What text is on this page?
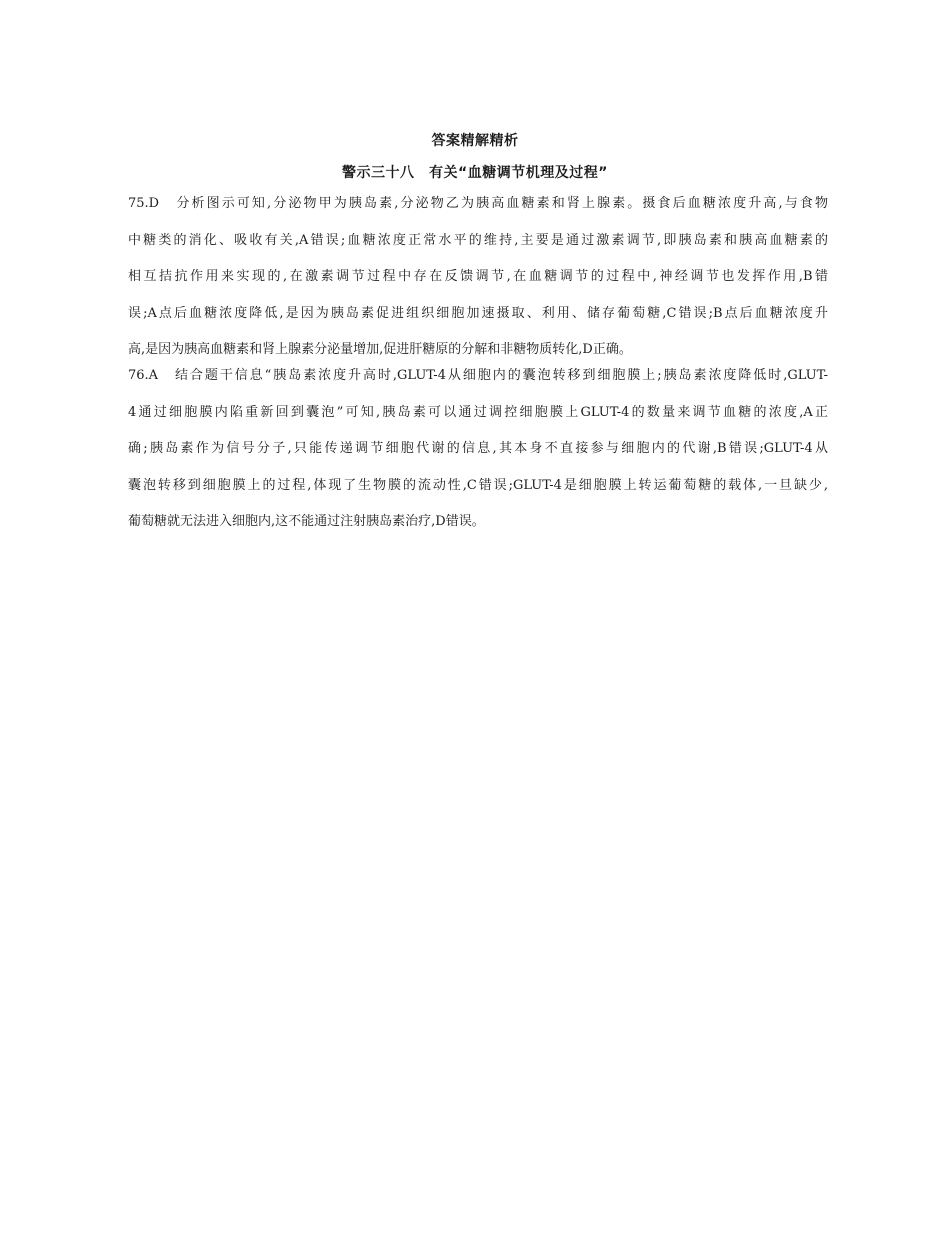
答案精解精析
警示三十八　有关“血糖调节机理及过程”
75.D　分析图示可知,分泌物甲为胰岛素,分泌物乙为胰高血糖素和肾上腺素。摄食后血糖浓度升高,与食物
中糖类的消化、吸收有关,A错误;血糖浓度正常水平的维持,主要是通过激素调节,即胰岛素和胰高血糖素的
相互拮抗作用来实现的,在激素调节过程中存在反馈调节,在血糖调节的过程中,神经调节也发挥作用,B错
误;A点后血糖浓度降低,是因为胰岛素促进组织细胞加速摄取、利用、储存葡萄糖,C错误;B点后血糖浓度升
高,是因为胰高血糖素和肾上腺素分泌量增加,促进肝糖原的分解和非糖物质转化,D正确。
76.A　结合题干信息“胰岛素浓度升高时,GLUT-4从细胞内的囊泡转移到细胞膜上;胰岛素浓度降低时,GLUT-
4通过细胞膜内陷重新回到囊泡”可知,胰岛素可以通过调控细胞膜上GLUT-4的数量来调节血糖的浓度,A正
确;胰岛素作为信号分子,只能传递调节细胞代谢的信息,其本身不直接参与细胞内的代谢,B错误;GLUT-4从
囊泡转移到细胞膜上的过程,体现了生物膜的流动性,C错误;GLUT-4是细胞膜上转运葡萄糖的载体,一旦缺少,
葡萄糖就无法进入细胞内,这不能通过注射胰岛素治疗,D错误。
